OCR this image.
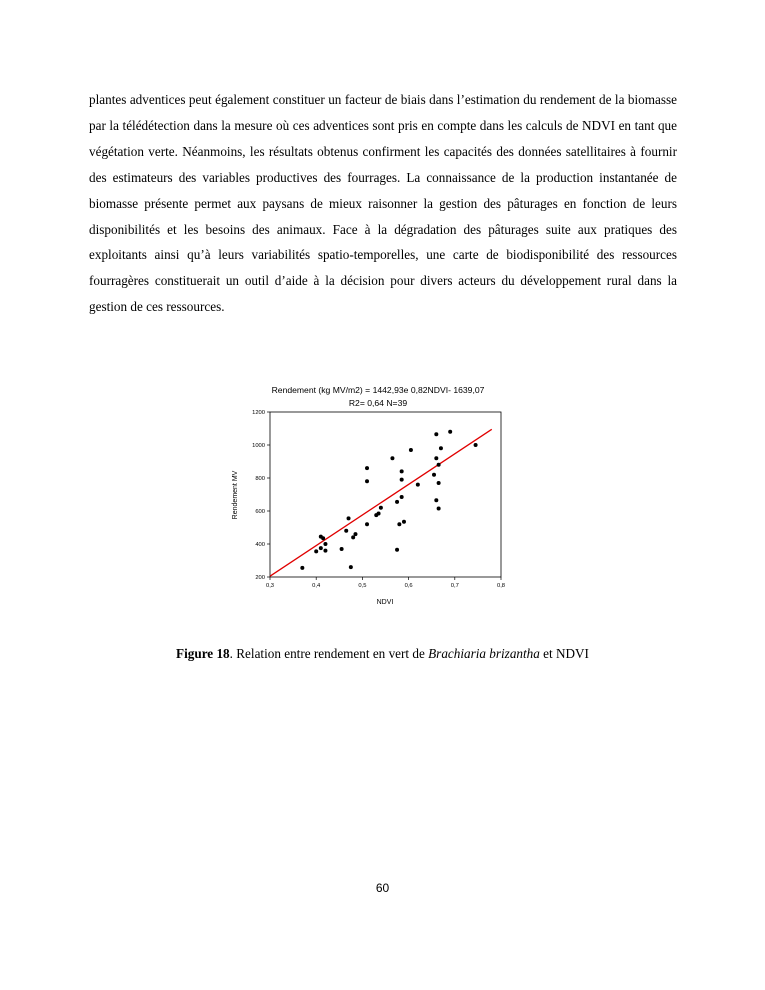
plantes adventices peut également constituer un facteur de biais dans l’estimation du rendement de la biomasse par la télédétection dans la mesure où ces adventices sont pris en compte dans les calculs de NDVI en tant que végétation verte. Néanmoins, les résultats obtenus confirment les capacités des données satellitaires à fournir des estimateurs des variables productives des fourrages. La connaissance de la production instantanée de biomasse présente permet aux paysans de mieux raisonner la gestion des pâturages en fonction de leurs disponibilités et les besoins des animaux. Face à la dégradation des pâturages suite aux pratiques des exploitants ainsi qu’à leurs variabilités spatio-temporelles, une carte de biodisponibilité des ressources fourragères constituerait un outil d’aide à la décision pour divers acteurs du développement rural dans la gestion de ces ressources.

Rendement (kg MV/m2) = 1442,93e 0,82NDVI- 1639,07
R2= 0,64 N=39
200
400
600
800
1000
1200
0,3	0,4	0,5	0,6	0,7	0,8
NDVI
Rendement MV
Figure 18. Relation entre rendement en vert de Brachiaria brizantha et NDVI
60
